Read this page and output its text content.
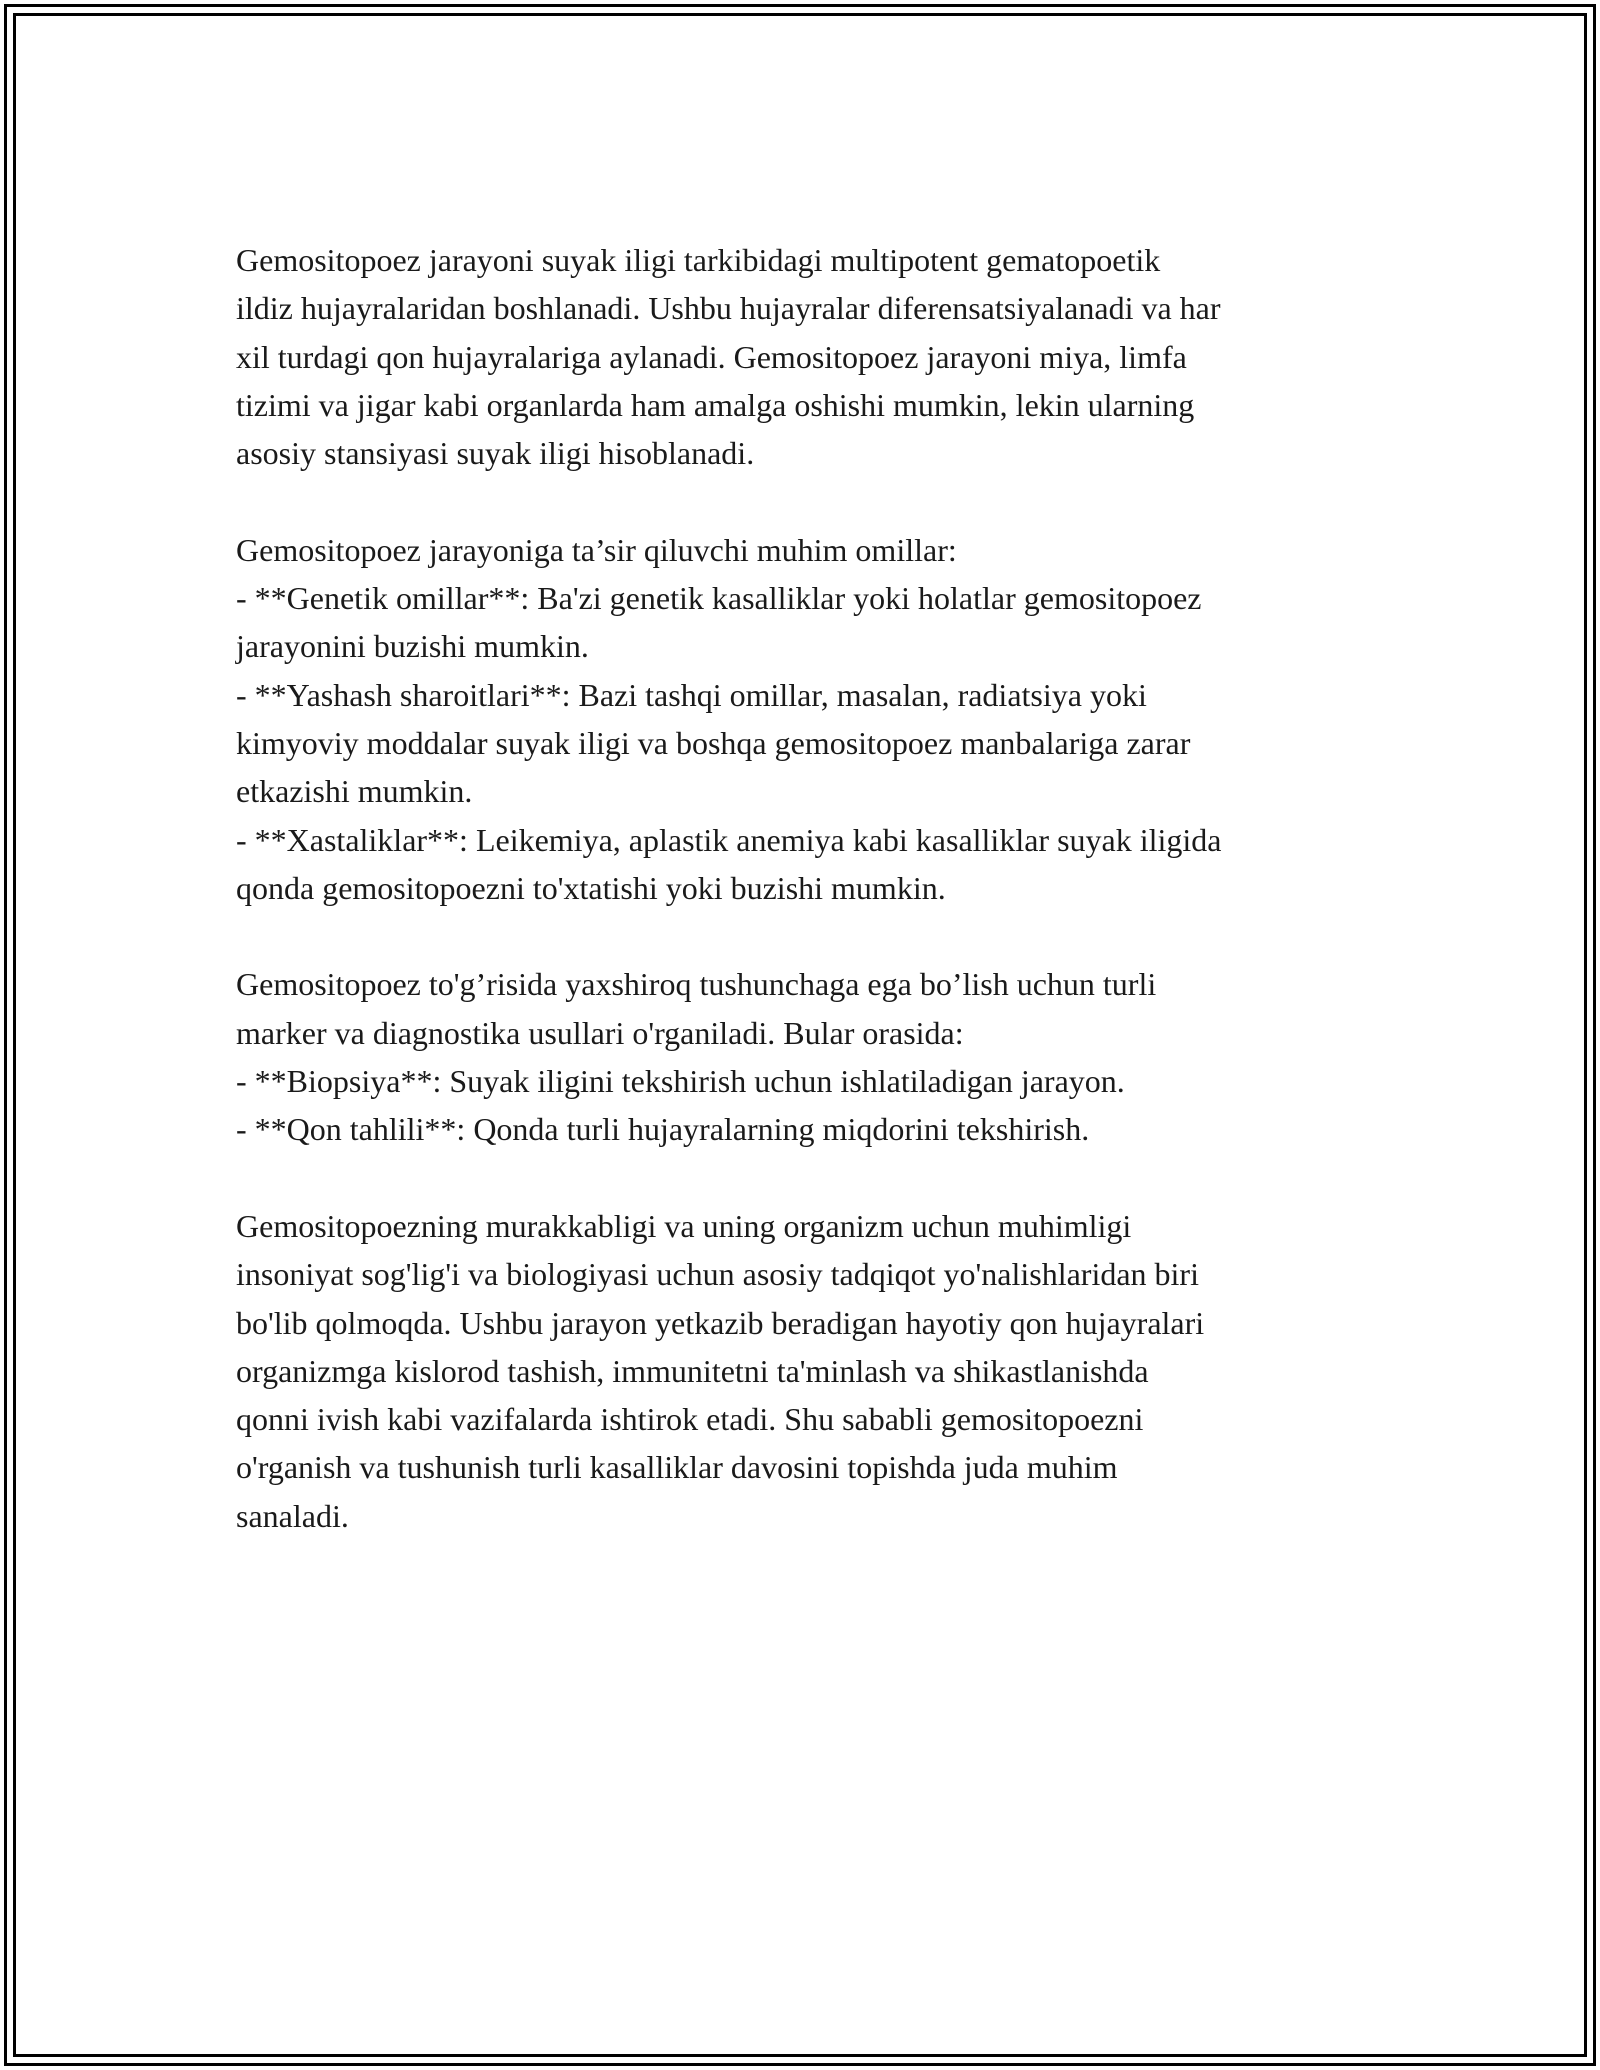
Gemositopoez jarayoni suyak iligi tarkibidagi multipotent gematopoetik
ildiz hujayralaridan boshlanadi. Ushbu hujayralar diferensatsiyalanadi va har
xil turdagi qon hujayralariga aylanadi. Gemositopoez jarayoni miya, limfa
tizimi va jigar kabi organlarda ham amalga oshishi mumkin, lekin ularning
asosiy stansiyasi suyak iligi hisoblanadi.

Gemositopoez jarayoniga ta’sir qiluvchi muhim omillar:
- **Genetik omillar**: Ba'zi genetik kasalliklar yoki holatlar gemositopoez
jarayonini buzishi mumkin.
- **Yashash sharoitlari**: Bazi tashqi omillar, masalan, radiatsiya yoki
kimyoviy moddalar suyak iligi va boshqa gemositopoez manbalariga zarar
etkazishi mumkin.
- **Xastaliklar**: Leikemiya, aplastik anemiya kabi kasalliklar suyak iligida
qonda gemositopoezni to'xtatishi yoki buzishi mumkin.

Gemositopoez to'g’risida yaxshiroq tushunchaga ega bo’lish uchun turli
marker va diagnostika usullari o'rganiladi. Bular orasida:
- **Biopsiya**: Suyak iligini tekshirish uchun ishlatiladigan jarayon.
- **Qon tahlili**: Qonda turli hujayralarning miqdorini tekshirish.

Gemositopoezning murakkabligi va uning organizm uchun muhimligi
insoniyat sog'lig'i va biologiyasi uchun asosiy tadqiqot yo'nalishlaridan biri
bo'lib qolmoqda. Ushbu jarayon yetkazib beradigan hayotiy qon hujayralari
organizmga kislorod tashish, immunitetni ta'minlash va shikastlanishda
qonni ivish kabi vazifalarda ishtirok etadi. Shu sababli gemositopoezni
o'rganish va tushunish turli kasalliklar davosini topishda juda muhim
sanaladi.
